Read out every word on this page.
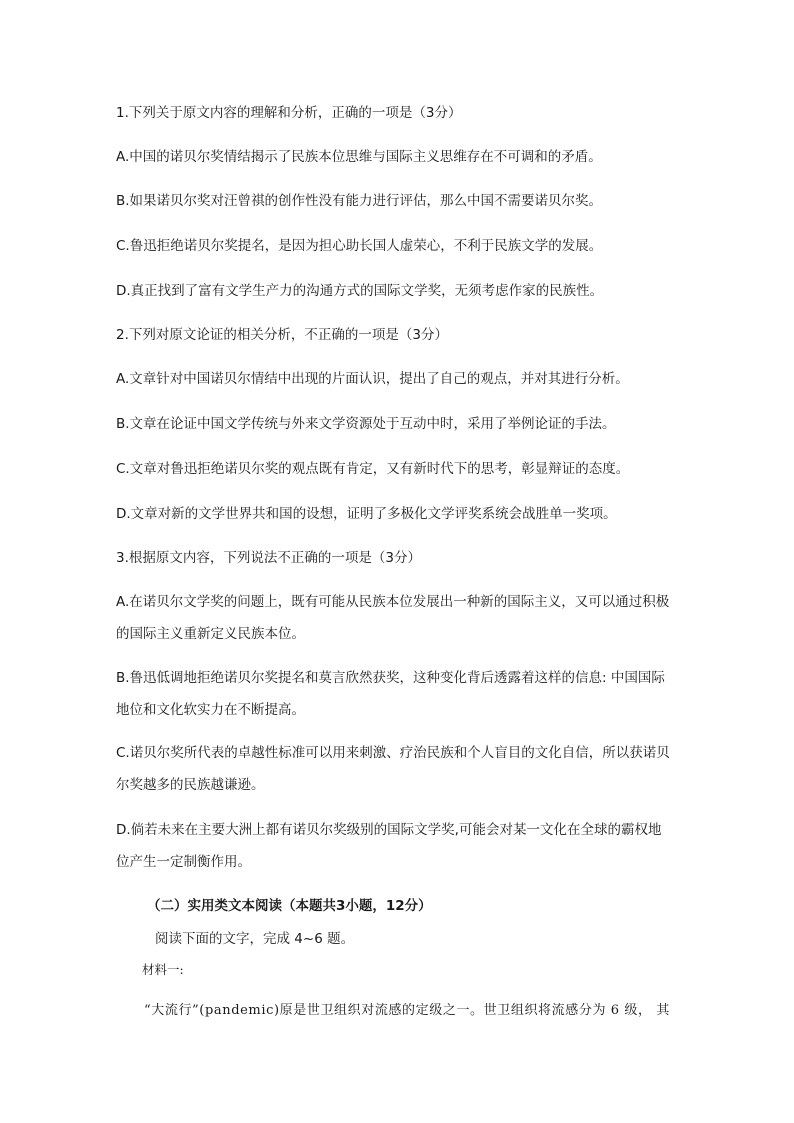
1.下列关于原文内容的理解和分析，正确的一项是（3分）
A.中国的诺贝尔奖情结揭示了民族本位思维与国际主义思维存在不可调和的矛盾。
B.如果诺贝尔奖对汪曾祺的创作性没有能力进行评估，那么中国不需要诺贝尔奖。
C.鲁迅拒绝诺贝尔奖提名，是因为担心助长国人虚荣心，不利于民族文学的发展。
D.真正找到了富有文学生产力的沟通方式的国际文学奖，无须考虑作家的民族性。
2.下列对原文论证的相关分析，不正确的一项是（3分）
A.文章针对中国诺贝尔情结中出现的片面认识，提出了自己的观点，并对其进行分析。
B.文章在论证中国文学传统与外来文学资源处于互动中时，采用了举例论证的手法。
C.文章对鲁迅拒绝诺贝尔奖的观点既有肯定，又有新时代下的思考，彰显辩证的态度。
D.文章对新的文学世界共和国的设想，证明了多极化文学评奖系统会战胜单一奖项。
3.根据原文内容，下列说法不正确的一项是（3分）
A.在诺贝尔文学奖的问题上，既有可能从民族本位发展出一种新的国际主义，又可以通过积极
的国际主义重新定义民族本位。
B.鲁迅低调地拒绝诺贝尔奖提名和莫言欣然获奖，这种变化背后透露着这样的信息: 中国国际
地位和文化软实力在不断提高。
C.诺贝尔奖所代表的卓越性标准可以用来刺激、疗治民族和个人盲目的文化自信，所以获诺贝
尔奖越多的民族越谦逊。
D.倘若未来在主要大洲上都有诺贝尔奖级别的国际文学奖,可能会对某一文化在全球的霸权地
位产生一定制衡作用。
（二）实用类文本阅读（本题共3小题，12分）
阅读下面的文字，完成 4~6 题。
材料一:
“大流行”(pandemic)原是世卫组织对流感的定级之一。世卫组织将流感分为 6 级， 其
